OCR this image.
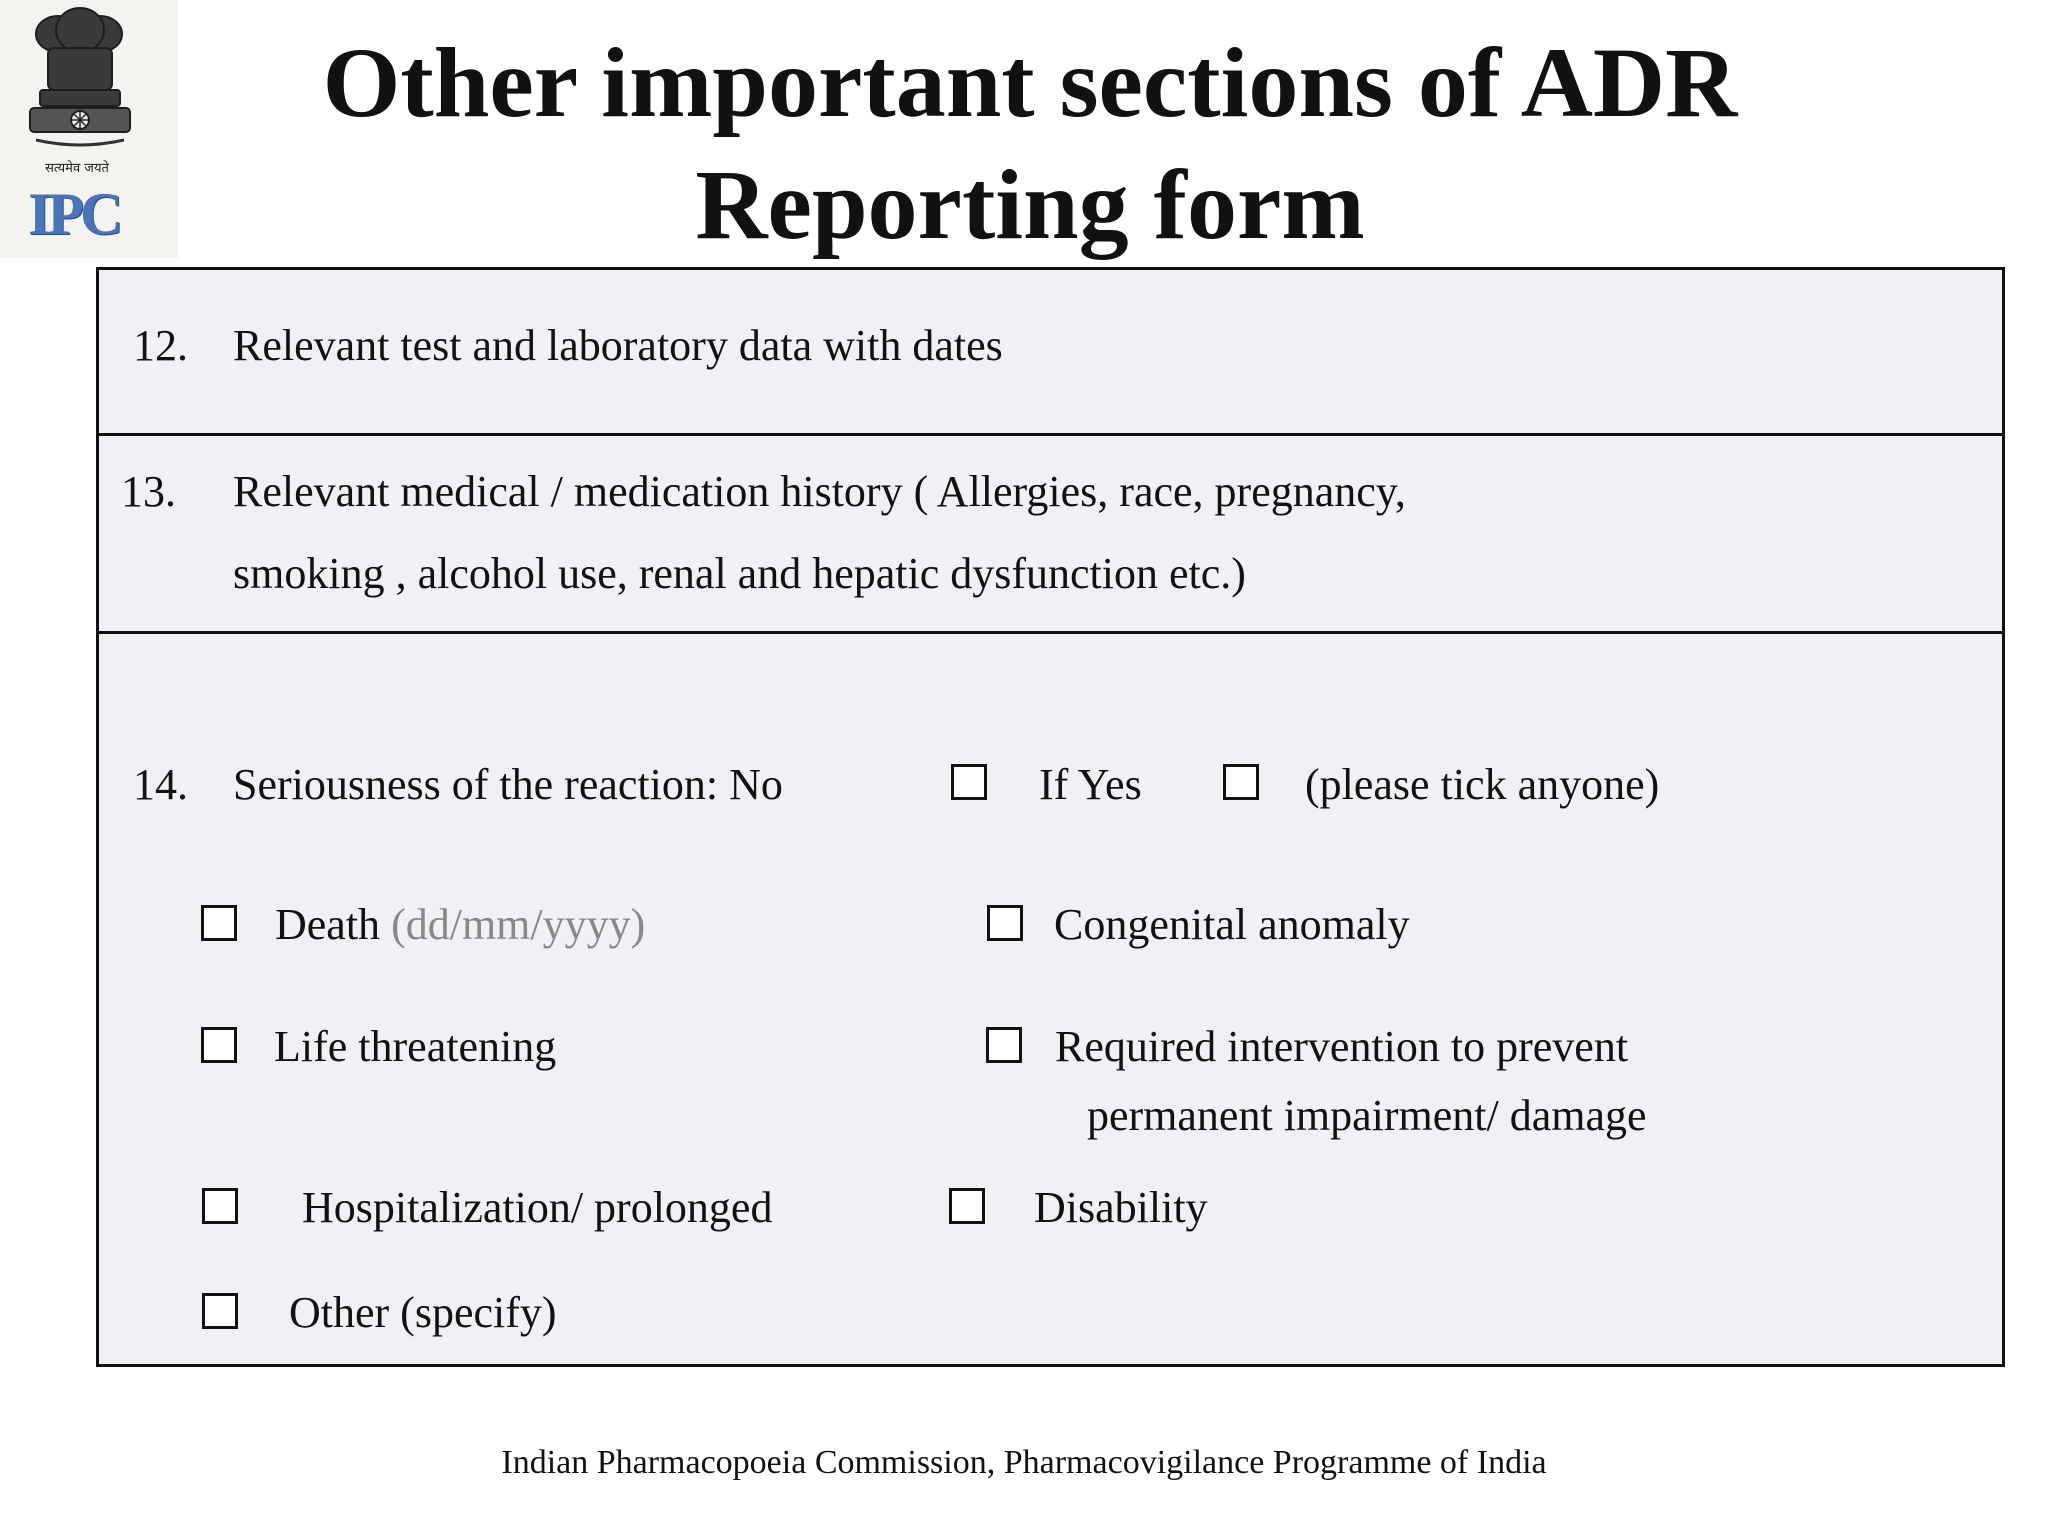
सत्यमेव जयते
IPC
Other important sections of ADR
Reporting form
12. Relevant test and laboratory data with dates
13. Relevant medical / medication history ( Allergies, race, pregnancy,
smoking , alcohol use, renal and hepatic dysfunction etc.)
14. Seriousness of the reaction: No	If Yes	(please tick anyone)
Death (dd/mm/yyyy)	Congenital anomaly
Life threatening	Required intervention to prevent
permanent impairment/ damage
Hospitalization/ prolonged	Disability
Other (specify)
Indian Pharmacopoeia Commission, Pharmacovigilance Programme of India
